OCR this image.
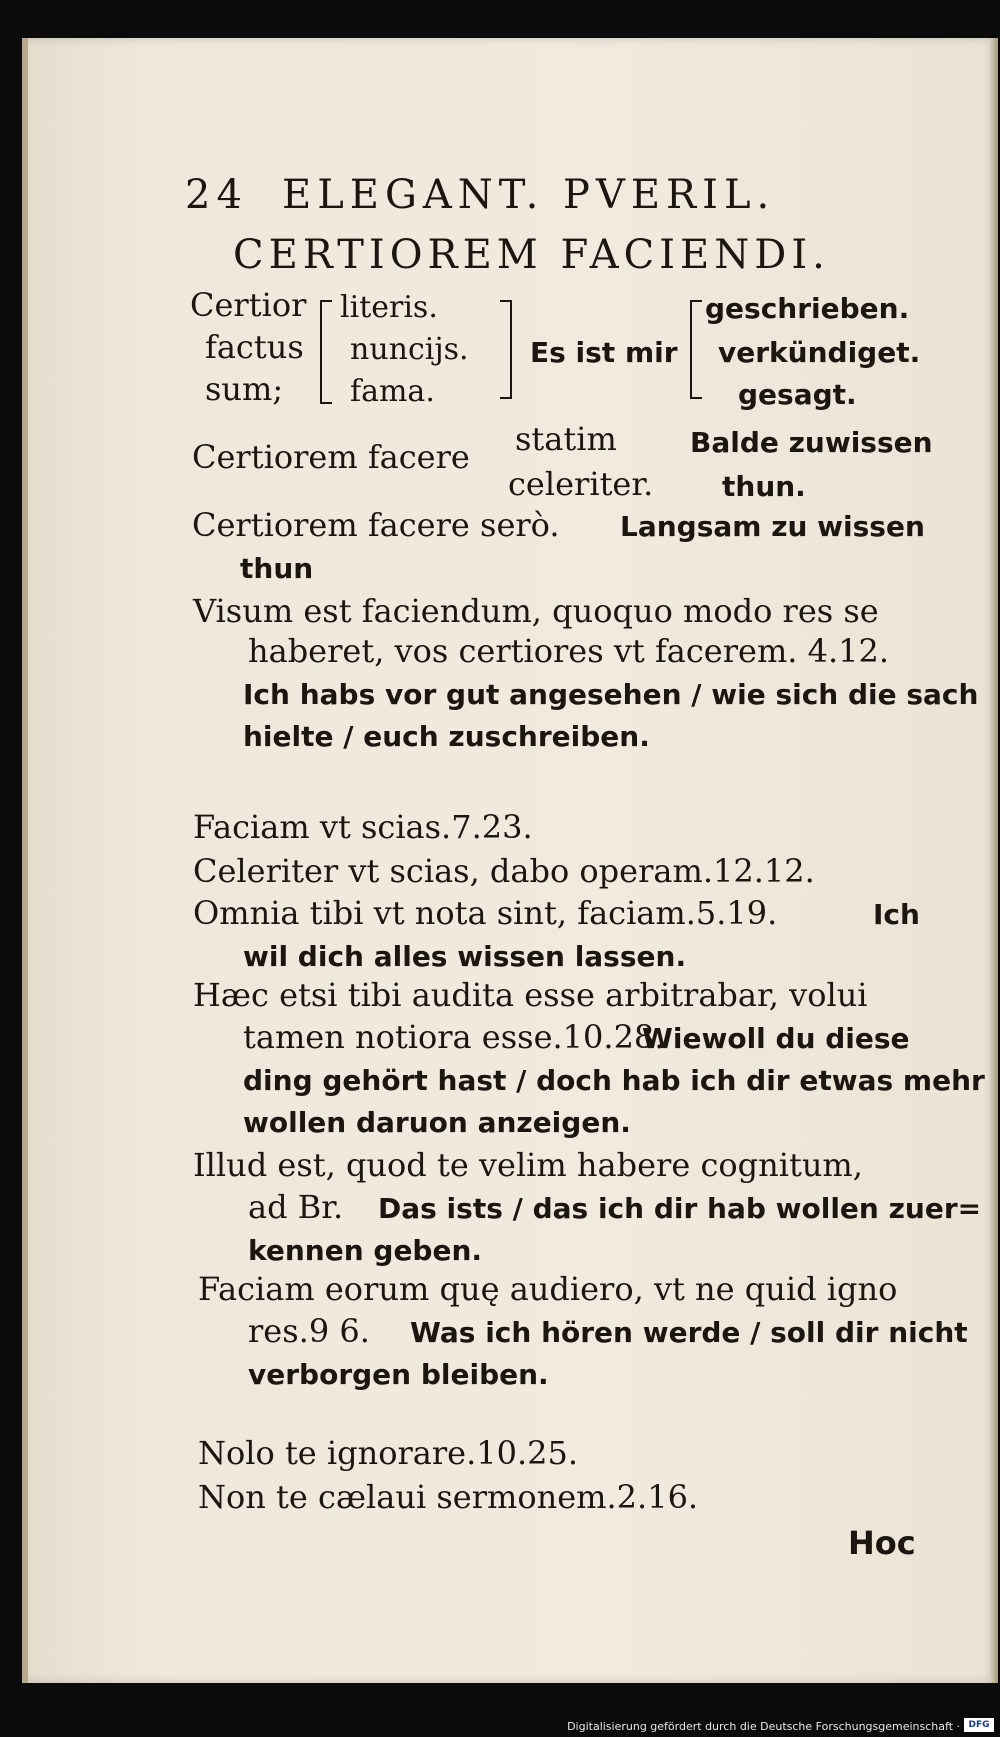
24 ELEGANT. PVERIL.
CERTIOREM FACIENDI.
Certior
factus
sum;
literis.
nuncijs.
fama.
Es ist mir
geschrieben.
verkündiget.
gesagt.
Certiorem facere statim
celeriter.
Balde zuwissen
thun.
Certiorem facere serò. Langsam zu wissen
thun
Visum est faciendum, quoquo modo res se
haberet, vos certiores vt facerem. 4.12.
Ich habs vor gut angesehen / wie sich die sach
hielte / euch zuschreiben.
Faciam vt scias.7.23.
Celeriter vt scias, dabo operam.12.12.
Omnia tibi vt nota sint, faciam.5.19.	Ich
wil dich alles wissen lassen.
Hæc etsi tibi audita esse arbitrabar, volui
tamen notiora esse.10.28.
Wiewoll du diese
ding gehört hast / doch hab ich dir etwas mehr
wollen daruon anzeigen.
Illud est, quod te velim habere cognitum,
ad Br. Das ists / das ich dir hab wollen zuer=
kennen geben.
Faciam eorum quę audiero, vt ne quid igno
res.9 6. Was ich hören werde / soll dir nicht
verborgen bleiben.
Nolo te ignorare.10.25.
Non te cælaui sermonem.2.16.
Hoc
Digitalisierung gefördert durch die Deutsche Forschungsgemeinschaft · DFG
